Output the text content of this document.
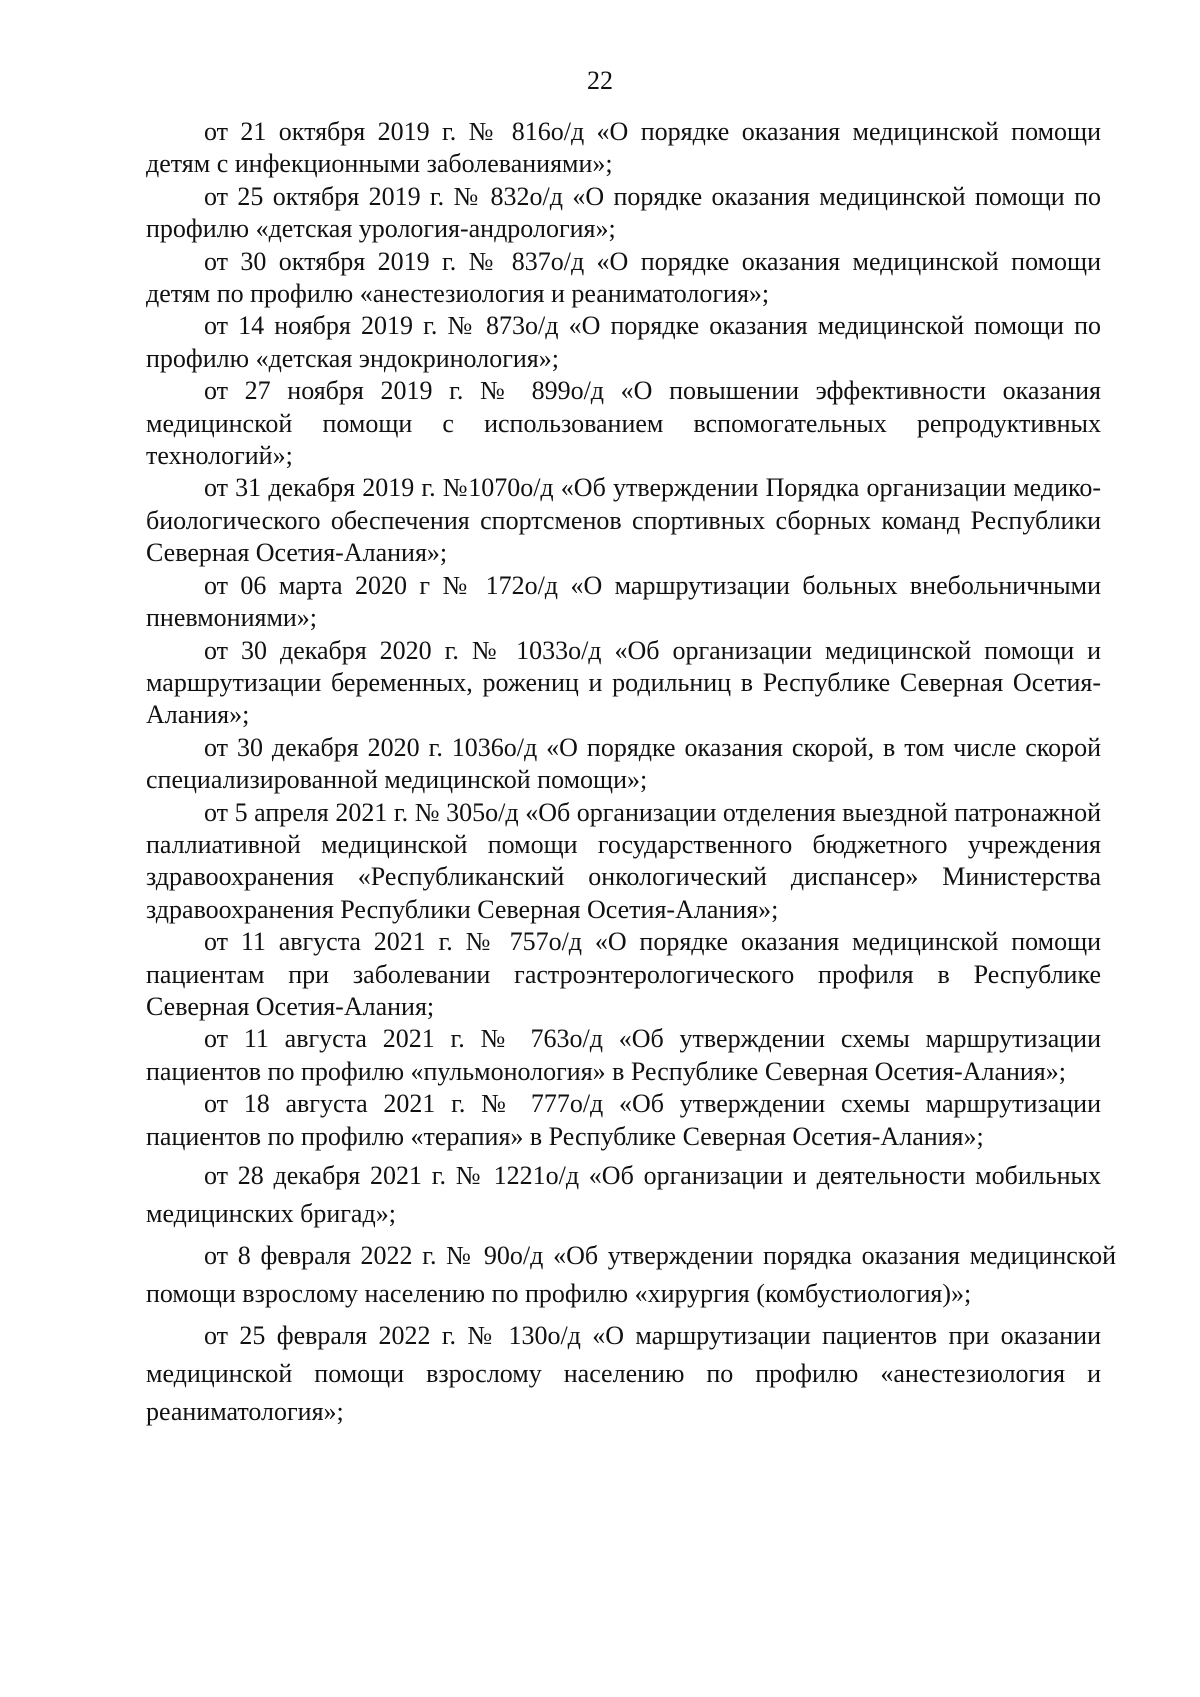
22

от 21 октября 2019 г. № 816о/д «О порядке оказания медицинской помощи детям с инфекционными заболеваниями»;

от 25 октября 2019 г. № 832о/д «О порядке оказания медицинской помощи по профилю «детская урология-андрология»;

от 30 октября 2019 г. № 837о/д «О порядке оказания медицинской помощи детям по профилю «анестезиология и реаниматология»;

от 14 ноября 2019 г. № 873о/д «О порядке оказания медицинской помощи по профилю «детская эндокринология»;

от 27 ноября 2019 г. № 899о/д «О повышении эффективности оказания медицинской помощи с использованием вспомогательных репродуктивных технологий»;

от 31 декабря 2019 г. №1070о/д «Об утверждении Порядка организации медико-биологического обеспечения спортсменов спортивных сборных команд Республики Северная Осетия-Алания»;

от 06 марта 2020 г № 172о/д «О маршрутизации больных внебольничными пневмониями»;

от 30 декабря 2020 г. № 1033о/д «Об организации медицинской помощи и маршрутизации беременных, рожениц и родильниц в Республике Северная Осетия-Алания»;

от 30 декабря 2020 г. 1036о/д «О порядке оказания скорой, в том числе скорой специализированной медицинской помощи»;

от 5 апреля 2021 г. № 305о/д «Об организации отделения выездной патронажной паллиативной медицинской помощи государственного бюджетного учреждения здравоохранения «Республиканский онкологический диспансер» Министерства здравоохранения Республики Северная Осетия-Алания»;

от 11 августа 2021 г. № 757о/д «О порядке оказания медицинской помощи пациентам при заболевании гастроэнтерологического профиля в Республике Северная Осетия-Алания;

от 11 августа 2021 г. № 763о/д «Об утверждении схемы маршрутизации пациентов по профилю «пульмонология» в Республике Северная Осетия-Алания»;

от 18 августа 2021 г. № 777о/д «Об утверждении схемы маршрутизации пациентов по профилю «терапия» в Республике Северная Осетия-Алания»;

от 28 декабря 2021 г. № 1221о/д «Об организации и деятельности мобильных медицинских бригад»;

от 8 февраля 2022 г. № 90о/д «Об утверждении порядка оказания медицинской помощи взрослому населению по профилю «хирургия (комбустиология)»;

от 25 февраля 2022 г. № 130о/д «О маршрутизации пациентов при оказании медицинской помощи взрослому населению по профилю «анестезиология и реаниматология»;
